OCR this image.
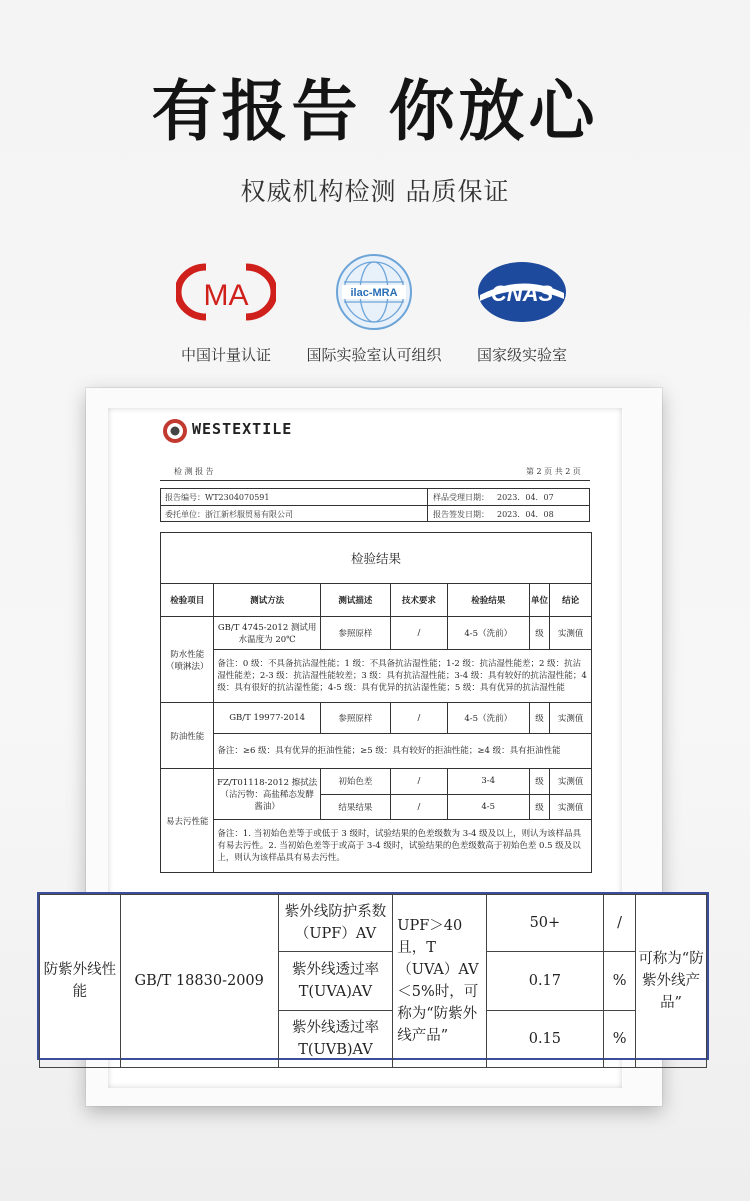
有报告 你放心
权威机构检测 品质保证
MA
中国计量认证
ilac-MRA
国际实验室认可组织
CNAS
国家级实验室
WESTEXTILE
检 测 报 告	第 2 页 共 2 页
报告编号：WT2304070591
委托单位：浙江新杉服贸易有限公司
样品受理日期： 2023．04．07
报告签发日期： 2023．04．08
检验结果						
检验项目	测试方法	测试描述	技术要求	检验结果	单位	结论
防水性能（喷淋法）	GB/T 4745-2012 测试用水温度为 20℃	参照原样	/	4-5（洗前）	级	实测值
	备注：0 级：不具备抗沾湿性能；1 级：不具备抗沾湿性能；1-2 级：抗沾湿性能差；2 级：抗沾湿性能差；2-3 级：抗沾湿性能较差；3 级：具有抗沾湿性能；3-4 级：具有较好的抗沾湿性能；4 级：具有很好的抗沾湿性能；4-5 级：具有优异的抗沾湿性能；5 级：具有优异的抗沾湿性能					
防油性能	GB/T 19977-2014	参照原样	/	4-5（洗前）	级	实测值
	备注：≥6 级：具有优异的拒油性能；≥5 级：具有较好的拒油性能；≥4 级：具有拒油性能					
易去污性能	FZ/T01118-2012 擦拭法（沾污物：高盐稀态发酵酱油）	初始色差	/	3-4	级	实测值
		结果结果	/	4-5	级	实测值
	备注：1. 当初始色差等于或低于 3 级时，试验结果的色差级数为 3-4 级及以上，则认为该样品具有易去污性。2. 当初始色差等于或高于 3-4 级时，试验结果的色差级数高于初始色差 0.5 级及以上，则认为该样品具有易去污性。					
防紫外线性能	GB/T 18830-2009	紫外线防护系数（UPF）AV	UPF＞40 且，T（UVA）AV＜5%时，可称为“防紫外线产品”	50+	/	可称为“防紫外线产品”
		紫外线透过率 T(UVA)AV		0.17	%	
		紫外线透过率 T(UVB)AV		0.15	%	
